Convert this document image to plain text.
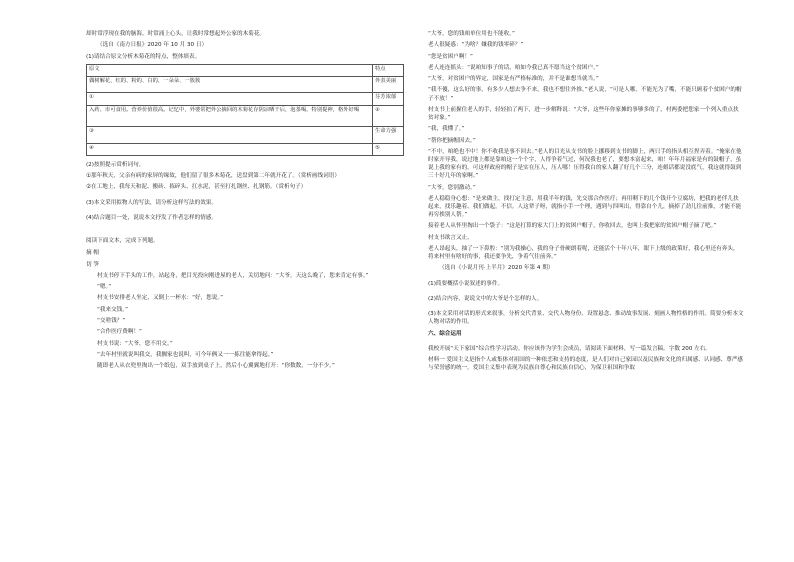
却时常浮现在我的脑海，时常涌上心头，让我时常想起外公家的木菊花。

（选自《南方日报》2020 年 10 月 30 日）

(1)请结合原文分析木菊花的特点，整体填表。

原文	特点
偶树解花，红的、粉的、白的，一朵朵、一簇簇	外表美丽
①	芬芳浓郁
入药、市可食用。营养价值很高。记忆中，外婆常把外公摘回的木菊花存阴凉晒干后，泡茶喝，特别提神，格外好喝	②
③	生命力强
④	⑤

(2)按照提示赏析词句。

①那年秋天，父亲有病的家屏的缘故，他们留了很多木菊花，送盘到第二年就开花了。（赏析画线词语）

②在工地上，我每天和泥、搬砖、拣碎头、扛水泥，甚至打扎钢丝、扎钢筋。（赏析句子）

(3)本文采用拟物人的写法，请分析这样写法的效果。

(4)结合题目一处，说说本文抒发了作者怎样的情感。

阅读下面文本，完成下列题。

摘 帽

切 笋

村支书停下手头的工作，站起身，把目光投向刚进屋的老人，关切地问：“大爷，天这么晚了，您来肯定有事。”

“嗯。”

村支书安排老人坐定，又倒上一杯水：“好，您说。”

“我来交钱。”

“交啥钱？”

“合作医疗费啊！”

村支书说：“大爷，您不用交。”

“去年村里就说叫我交，我搁家也说叫，可今年俩又一一拣往能拿得起。”

随即老人从衣兜里掏出一个纸包，双手放到桌子上，然后小心翼翼地打开：“你数数，一分不少。”

“大爷，您的钱咱单位用也不能收。”

老人很疑惑：“为啥？嫌我的钱零碎？”

“您是贫困户啊！”

老人连连摇头：“说咱知事子的话，咱如今我已真不愿当这个贫困户。”

“大爷，对贫困户的界定，国家是有严格标准的，并不是谁想当就当。”

“我不傻，这么好的事，有多少人想去争不来，我也不想往外推。”老人说，“可是人哪，不能光为了嘴，不能只顾着个贫困户的帽子不放！”

村支书上前握住老人的手，轻轻拍了两下，进一步解释说：“大爷，这些年你家摊的事够多的了，村两委把您家一个列入重点扶贫对象。”

“我，我懂了。”

“帮你把摘帽因去。”

“不中，咱绝也不中！你不收我是事不回去。”老人的目光从支书的脸上挪移到支书的脚上，两只手的指头相互捏弄着。“俺家在他时家开导我，说过地上都是靠咱这一个个字，人得争着气过，何况我也老了，要想本富起来，咱！年年月福家是有的鼓帽子，虽说上我的家有的，可这样政府的帽子是实在压人，压人哪！压得我白的家人翻了好几个三分，连蛆话都说没底气，我这就得鼓到三十好几年的家啊。”

“大爷，您别激动。”

老人稳稳身心想：“是来做主，找打定主意，用我半年的钱，先交那合作医疗；再用剩下的几个钱开个豆腐坊，把我的老伴儿扶起来，找乐趣着、我们做起。不信。人这辈子呀，就指小手一个理，遇到与四叫出，得靠自个儿，摘掉了劲儿往前推，才能不能再穷挨别人帮。”

接着老人从怀里掏出一个袋子：“这是打算的家大门上的贫困户帽子，你收回去，也叫上我把家的贫困户帽子摘了吧。”

村支书欲言又止。

老人昂起头，抽了一下鼻腔：“别为我操心，我的身子骨硬朗着呢，还能活个十年八年，眼下上级的政策好，我心里还有奔头，将来村里有啥好的事，我还要争先，争着气往前奔。”

（选自《小说月刊·上半月》2020 年第 4 期）

(1)简要概括小说叙述的事件。

(2)结合内容，说说文中的大爷是个怎样的人。

(3)本文采用对话的形式来叙事，分析交代背景、交代人物身份、设置悬念、推动故事发展、刻画人物性格的作用。简要分析本文人物对话的作用。

六、综合运用

我校开展“天下家国”综合性学习活动。你应该作为学生会成员，请阅读下面材料，写一篇发言稿。字数 200 左右。

材料一 爱国主义是指个人或集体对祖国的一种依恋和支持的态度，是人们对自己家园以及民族和文化的归属感、认同感、尊严感与荣誉感的统一。爱国主义集中表现为民族自尊心和民族自信心，为保卫祖国和争取
